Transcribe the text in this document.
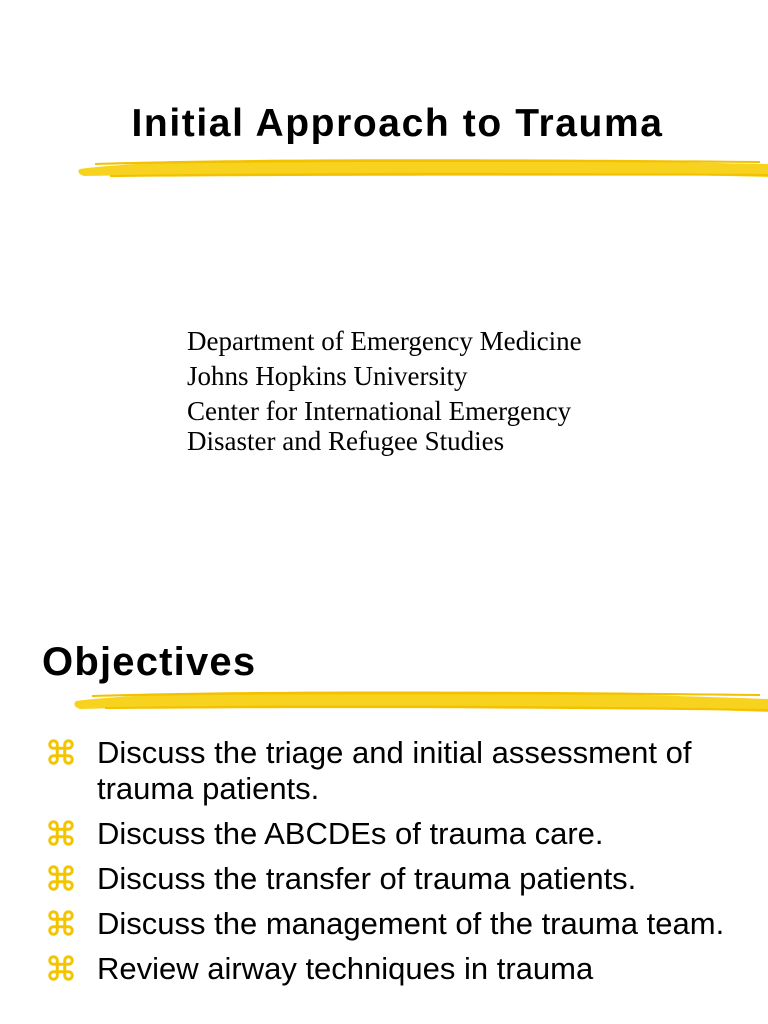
Initial Approach to Trauma
Department of Emergency Medicine
Johns Hopkins University
Center for International Emergency
Disaster and Refugee Studies
Objectives
Discuss the triage and initial assessment of trauma patients.
Discuss the ABCDEs of trauma care.
Discuss the transfer of trauma patients.
Discuss the management of the trauma team.
Review airway techniques in trauma
